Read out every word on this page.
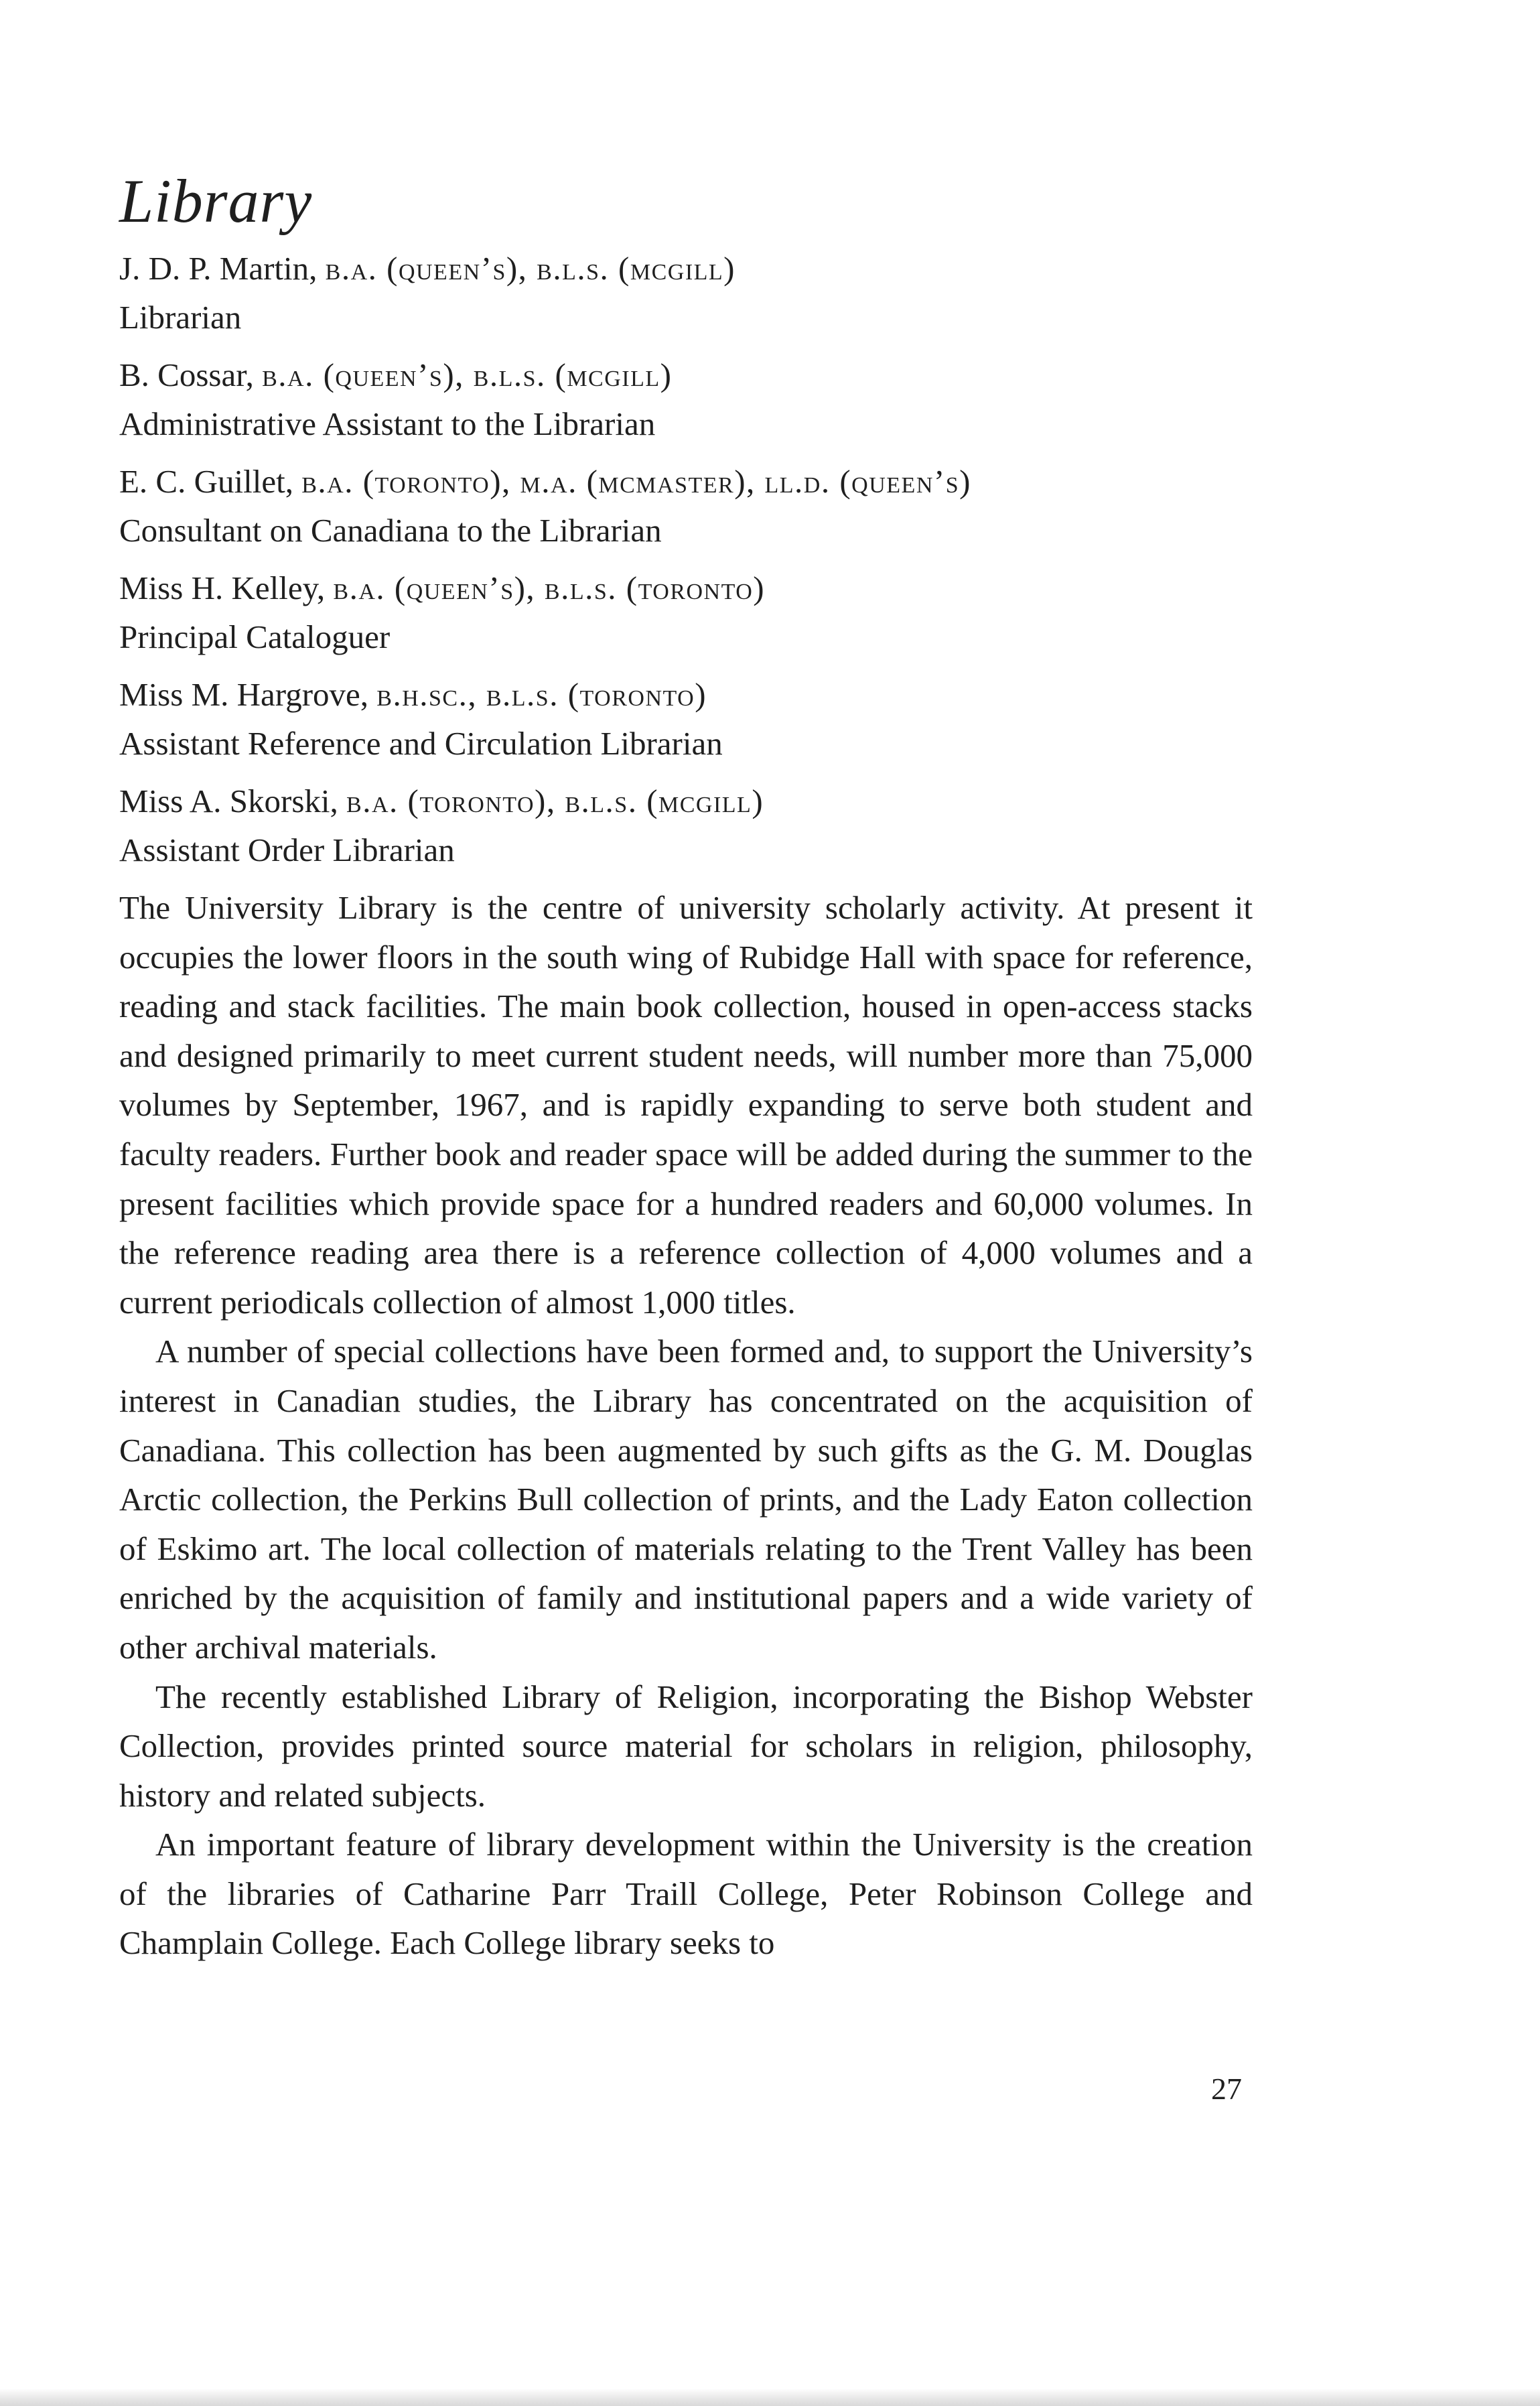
Library
J. D. P. Martin, b.a. (queen’s), b.l.s. (mcgill)
Librarian
B. Cossar, b.a. (queen’s), b.l.s. (mcgill)
Administrative Assistant to the Librarian
E. C. Guillet, b.a. (toronto), m.a. (mcmaster), ll.d. (queen’s)
Consultant on Canadiana to the Librarian
Miss H. Kelley, b.a. (queen’s), b.l.s. (toronto)
Principal Cataloguer
Miss M. Hargrove, b.h.sc., b.l.s. (toronto)
Assistant Reference and Circulation Librarian
Miss A. Skorski, b.a. (toronto), b.l.s. (mcgill)
Assistant Order Librarian

The University Library is the centre of university scholarly activity. At present it occupies the lower floors in the south wing of Rubidge Hall with space for reference, reading and stack facilities. The main book collection, housed in open-access stacks and designed primarily to meet current student needs, will number more than 75,000 volumes by September, 1967, and is rapidly expanding to serve both student and faculty readers. Further book and reader space will be added during the summer to the present facilities which provide space for a hundred readers and 60,000 volumes. In the reference reading area there is a reference collection of 4,000 volumes and a current periodicals collection of almost 1,000 titles.

A number of special collections have been formed and, to support the University’s interest in Canadian studies, the Library has concentrated on the acquisition of Canadiana. This collection has been augmented by such gifts as the G. M. Douglas Arctic collection, the Perkins Bull collection of prints, and the Lady Eaton collection of Eskimo art. The local collection of materials relating to the Trent Valley has been enriched by the acquisition of family and institutional papers and a wide variety of other archival materials.

The recently established Library of Religion, incorporating the Bishop Webster Collection, provides printed source material for scholars in religion, philosophy, history and related subjects.

An important feature of library development within the University is the creation of the libraries of Catharine Parr Traill College, Peter Robinson College and Champlain College. Each College library seeks to

27
